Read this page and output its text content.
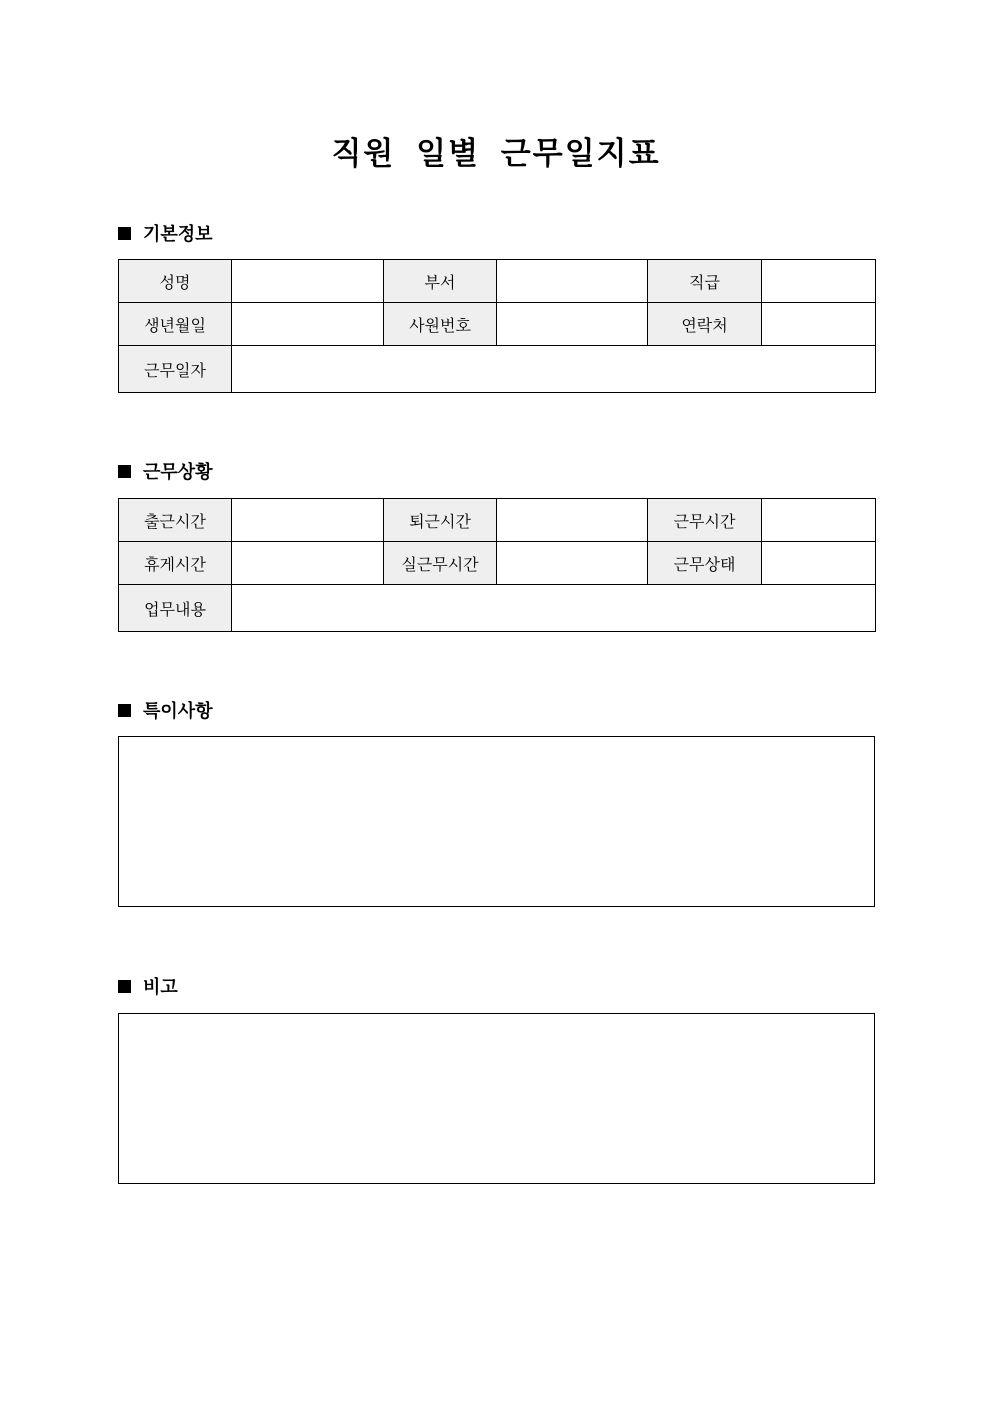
직원 일별 근무일지표
기본정보
성명		부서		직급	
생년월일		사원번호		연락처	
근무일자					
근무상황
출근시간		퇴근시간		근무시간	
휴게시간		실근무시간		근무상태	
업무내용					
특이사항
비고
